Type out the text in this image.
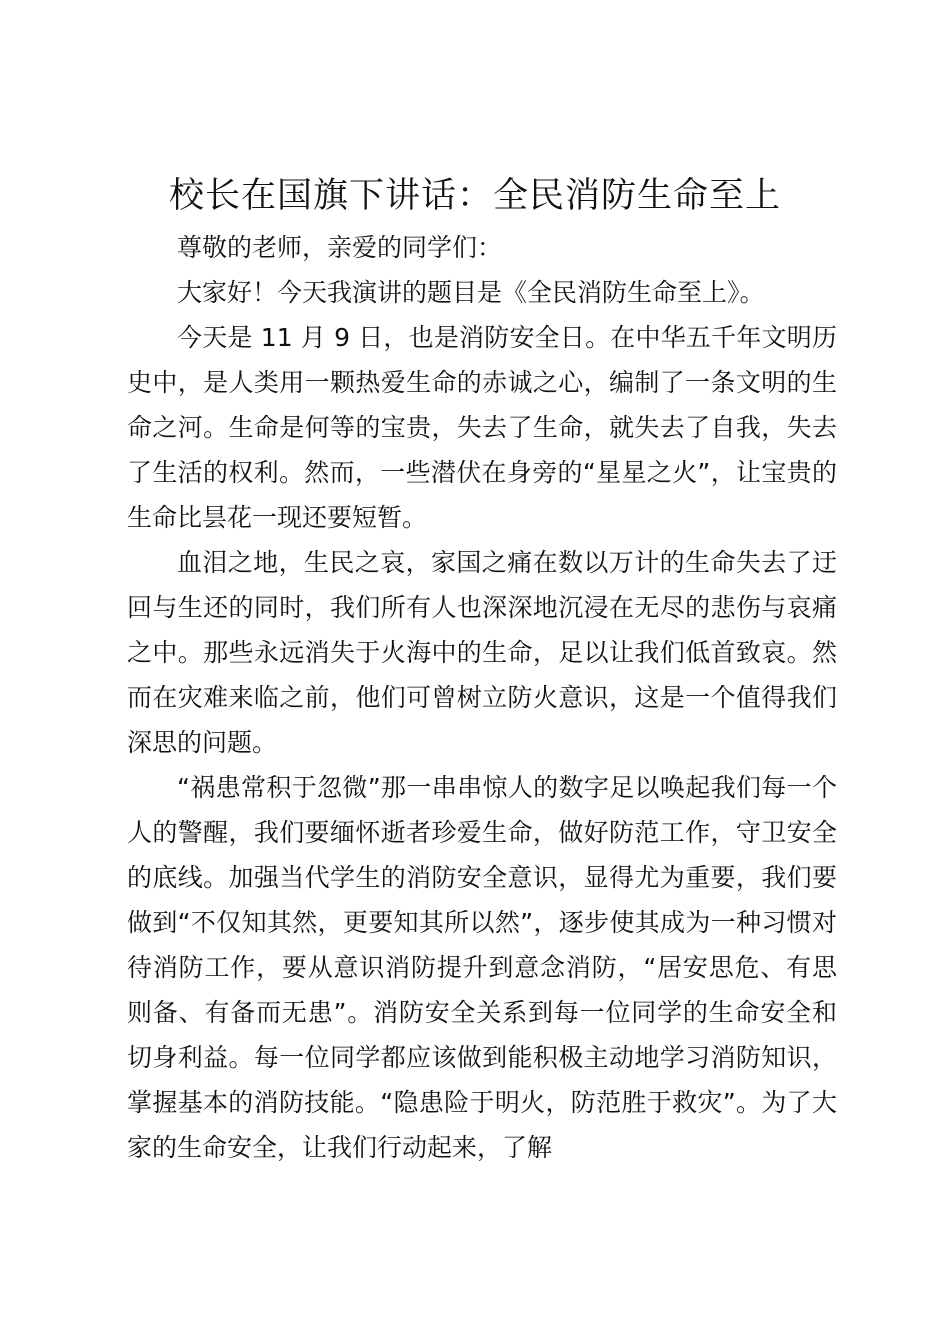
校长在国旗下讲话：全民消防生命至上

尊敬的老师，亲爱的同学们：

大家好！今天我演讲的题目是《全民消防生命至上》。

今天是 11 月 9 日，也是消防安全日。在中华五千年文明历史中，是人类用一颗热爱生命的赤诚之心，编制了一条文明的生命之河。生命是何等的宝贵，失去了生命，就失去了自我，失去了生活的权利。然而，一些潜伏在身旁的“星星之火”，让宝贵的生命比昙花一现还要短暂。

血泪之地，生民之哀，家国之痛在数以万计的生命失去了迂回与生还的同时，我们所有人也深深地沉浸在无尽的悲伤与哀痛之中。那些永远消失于火海中的生命，足以让我们低首致哀。然而在灾难来临之前，他们可曾树立防火意识，这是一个值得我们深思的问题。

“祸患常积于忽微”那一串串惊人的数字足以唤起我们每一个人的警醒，我们要缅怀逝者珍爱生命，做好防范工作，守卫安全的底线。加强当代学生的消防安全意识，显得尤为重要，我们要做到“不仅知其然，更要知其所以然”，逐步使其成为一种习惯对待消防工作，要从意识消防提升到意念消防，“居安思危、有思则备、有备而无患”。消防安全关系到每一位同学的生命安全和切身利益。每一位同学都应该做到能积极主动地学习消防知识，掌握基本的消防技能。“隐患险于明火，防范胜于救灾”。为了大家的生命安全，让我们行动起来，了解
